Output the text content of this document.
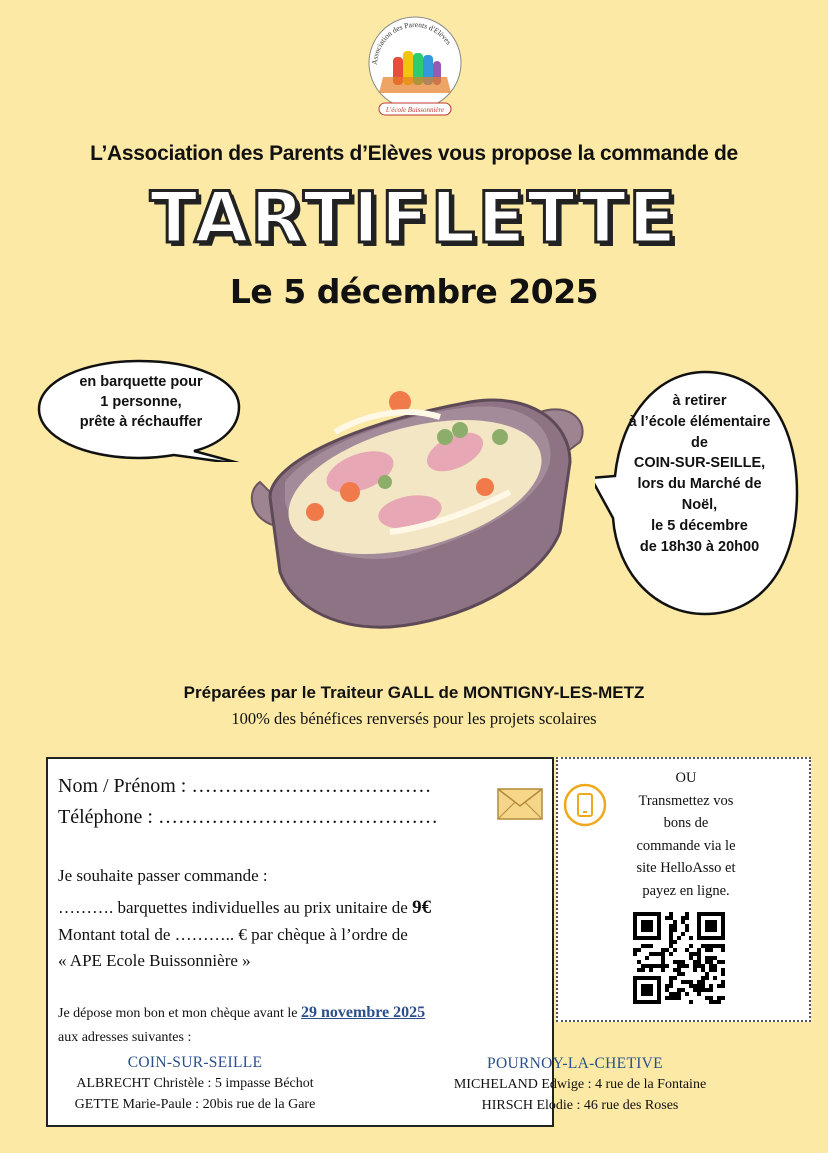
Association des Parents d'Elèves
L'école Buissonnière
L’Association des Parents d’Elèves vous propose la commande de
TARTIFLETTE
Le 5 décembre 2025
en barquette pour
1 personne,
prête à réchauffer
à retirer
à l’école élémentaire
de
COIN-SUR-SEILLE,
lors du Marché de
Noël,
le 5 décembre
de 18h30 à 20h00
Préparées par le Traiteur GALL de MONTIGNY-LES-METZ
100% des bénéfices renversés pour les projets scolaires
Nom / Prénom : ………………………………
Téléphone : ……………………………………
Je souhaite passer commande :
………. barquettes individuelles au prix unitaire de 9€
Montant total de ……….. € par chèque à l’ordre de
« APE Ecole Buissonnière »
Je dépose mon bon et mon chèque avant le 29 novembre 2025
aux adresses suivantes :
COIN-SUR-SEILLE
ALBRECHT Christèle : 5 impasse Béchot
GETTE Marie-Paule : 20bis rue de la Gare
POURNOY-LA-CHETIVE
MICHELAND Edwige : 4 rue de la Fontaine
HIRSCH Elodie : 46 rue des Roses
OU
Transmettez vos
bons de
commande via le
site HelloAsso et
payez en ligne.
